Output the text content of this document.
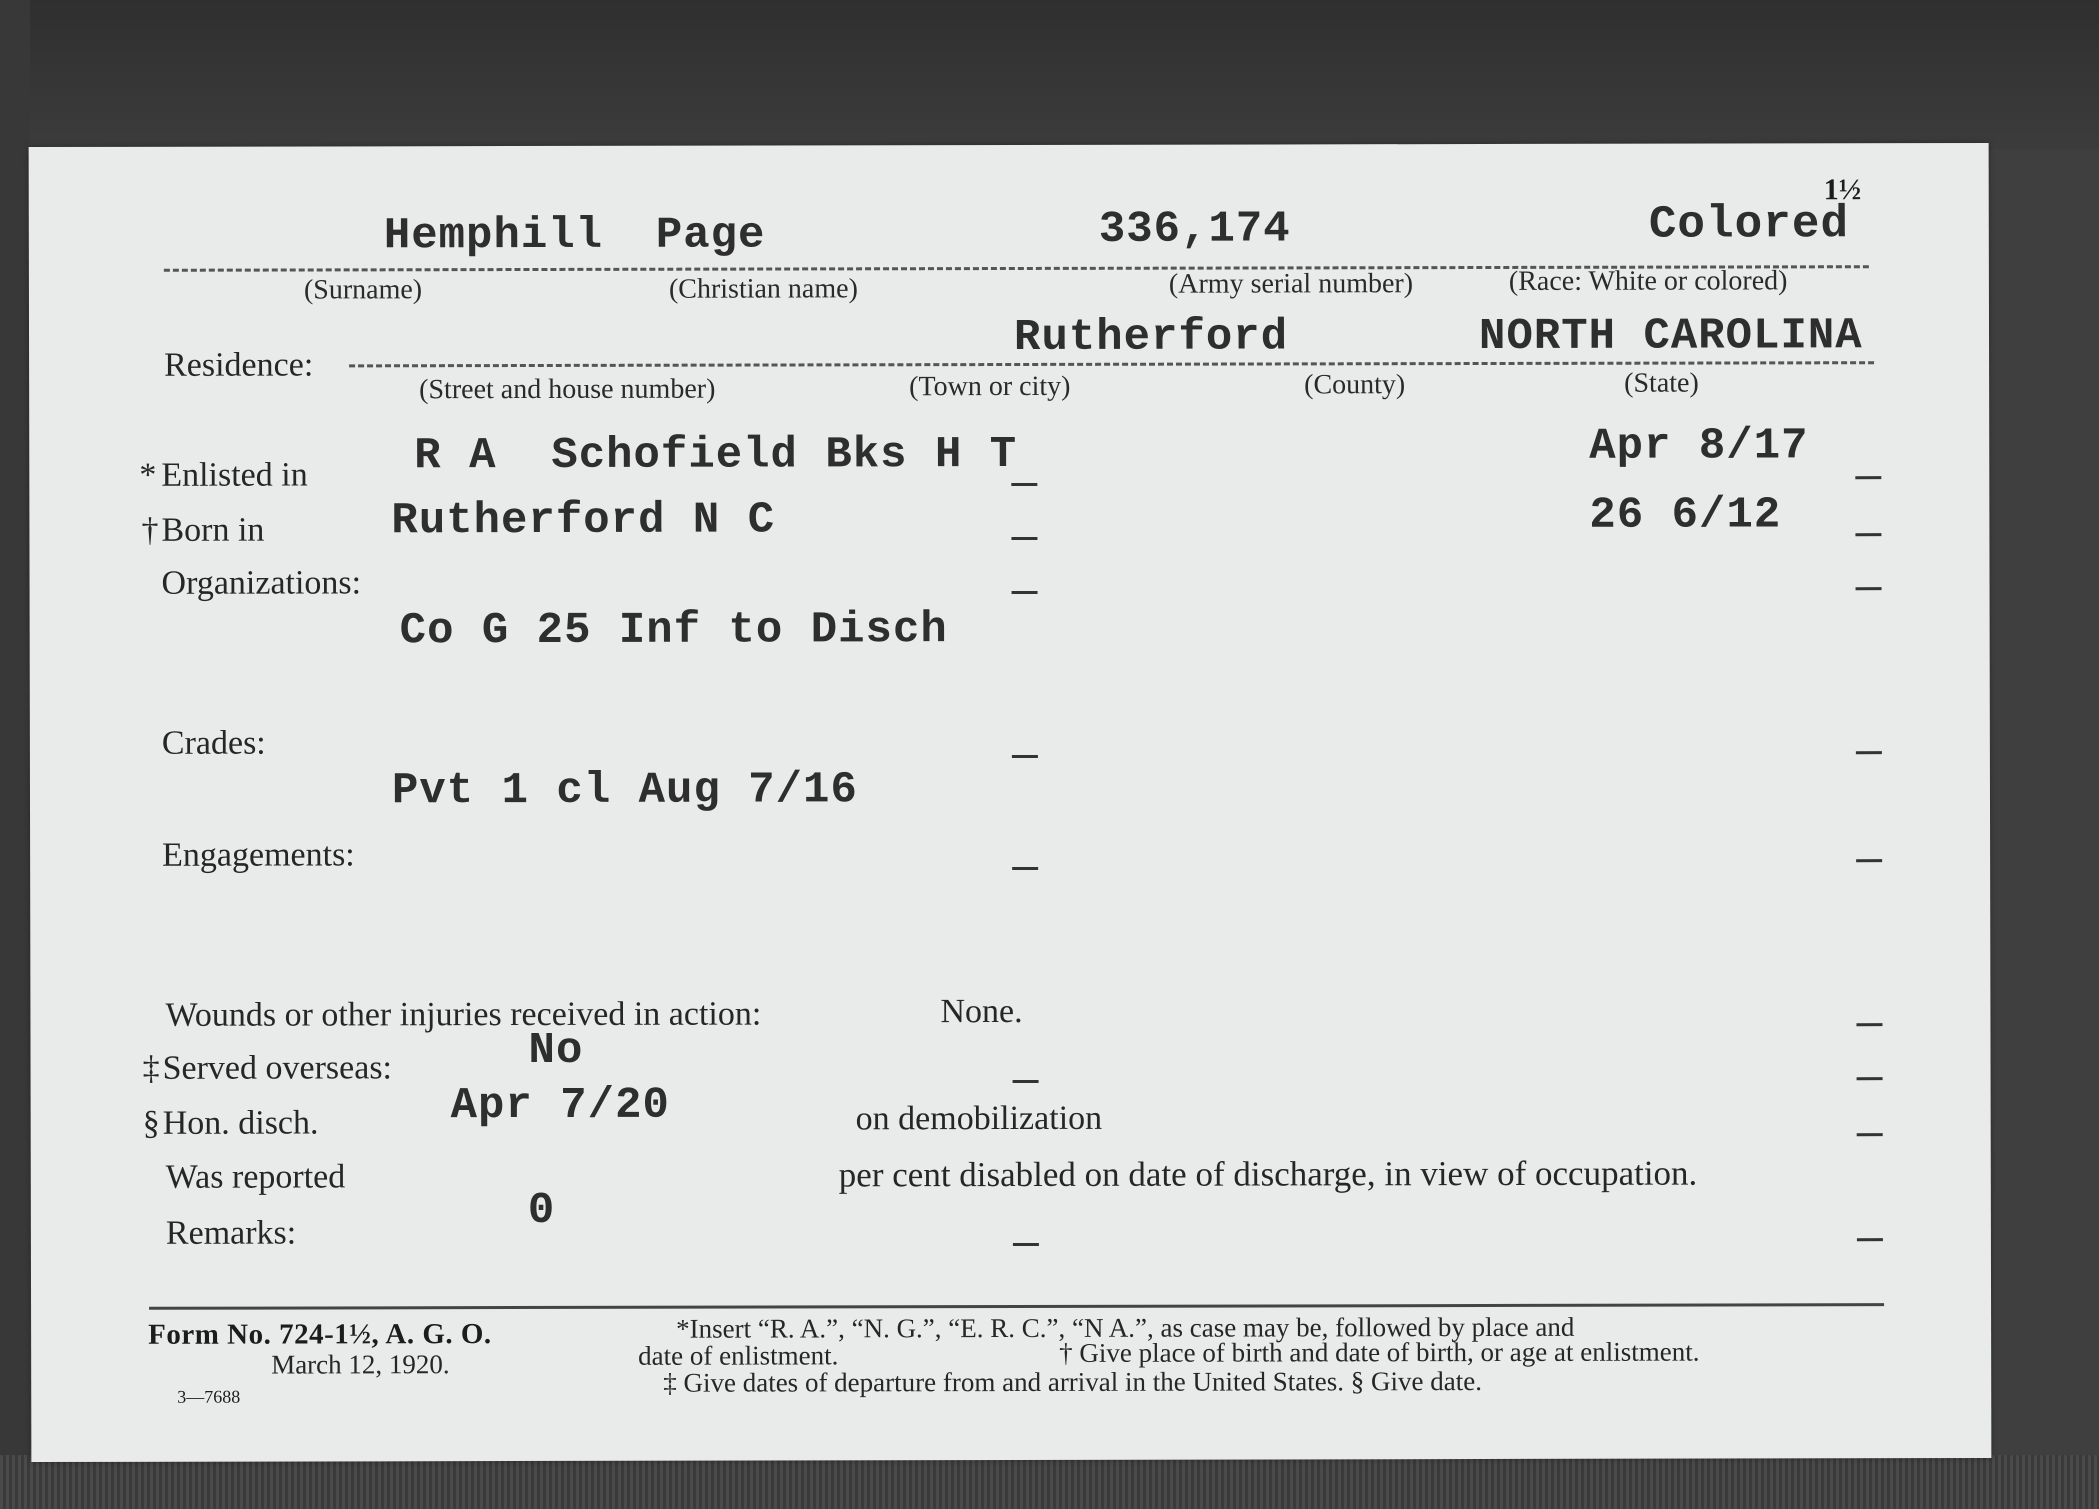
1½
Hemphill Page	336,174	Colored
(Surname)	(Christian name)	(Army serial number)	(Race: White or colored)
Residence:
Rutherford	NORTH CAROLINA
(Street and house number)	(Town or city)	(County)	(State)
* Enlisted in R A  Schofield Bks H T	Apr 8/17
† Born in	Rutherford N C	26 6/12
Organizations:
Co G 25 Inf to Disch
Crades:
Pvt 1 cl Aug 7/16
Engagements:
Wounds or other injuries received in action:	None.
‡ Served overseas:	No
§ Hon. disch.	Apr 7/20	on demobilization
Was reported
0
per cent disabled on date of discharge, in view of occupation.
Remarks:
Form No. 724-1½, A. G. O.
March 12, 1920.
3—7688
*Insert “R. A.”, “N. G.”, “E. R. C.”, “N A.”, as case may be, followed by place and
date of enlistment.	† Give place of birth and date of birth, or age at enlistment.
‡ Give dates of departure from and arrival in the United States. § Give date.
